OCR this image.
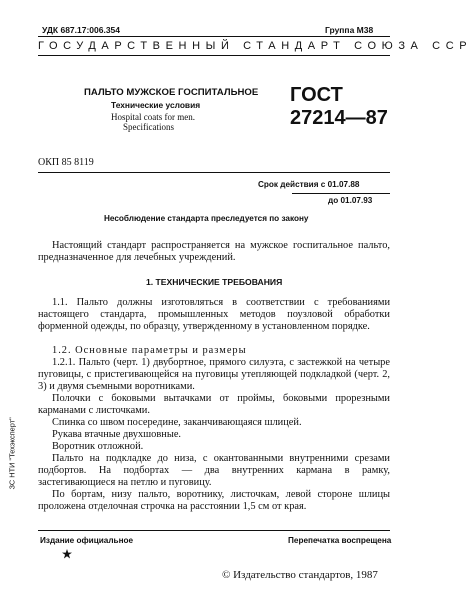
УДК 687.17:006.354	Группа М38
ГОСУДАРСТВЕННЫЙ СТАНДАРТ СОЮЗА ССР
ПАЛЬТО МУЖСКОЕ ГОСПИТАЛЬНОЕ
Технические условия
Hospital coats for men.
Specifications
ГОСТ
27214—87
ОКП 85 8119
Срок действия с 01.07.88
до 01.07.93
Несоблюдение стандарта преследуется по закону
Настоящий стандарт распространяется на мужское госпитальное пальто, предназначенное для лечебных учреждений.
1. ТЕХНИЧЕСКИЕ ТРЕБОВАНИЯ
1.1. Пальто должны изготовляться в соответствии с требованиями настоящего стандарта, промышленных методов поузловой обработки форменной одежды, по образцу, утвержденному в установленном порядке.
1.2. Основные параметры и размеры
1.2.1. Пальто (черт. 1) двубортное, прямого силуэта, с застежкой на четыре пуговицы, с пристегивающейся на пуговицы утепляющей подкладкой (черт. 2, 3) и двумя съемными воротниками.
Полочки с боковыми вытачками от проймы, боковыми прорезными карманами с листочками.
Спинка со швом посередине, заканчивающаяся шлицей.
Рукава втачные двухшовные.
Воротник отложной.
Пальто на подкладке до низа, с окантованными внутренними срезами подбортов. На подбортах — два внутренних кармана в рамку, застегивающиеся на петлю и пуговицу.
По бортам, низу пальто, воротнику, листочкам, левой стороне шлицы проложена отделочная строчка на расстоянии 1,5 см от края.
ЗС НТИ "Техэксперт"
Издание официальное	Перепечатка воспрещена
© Издательство стандартов, 1987
